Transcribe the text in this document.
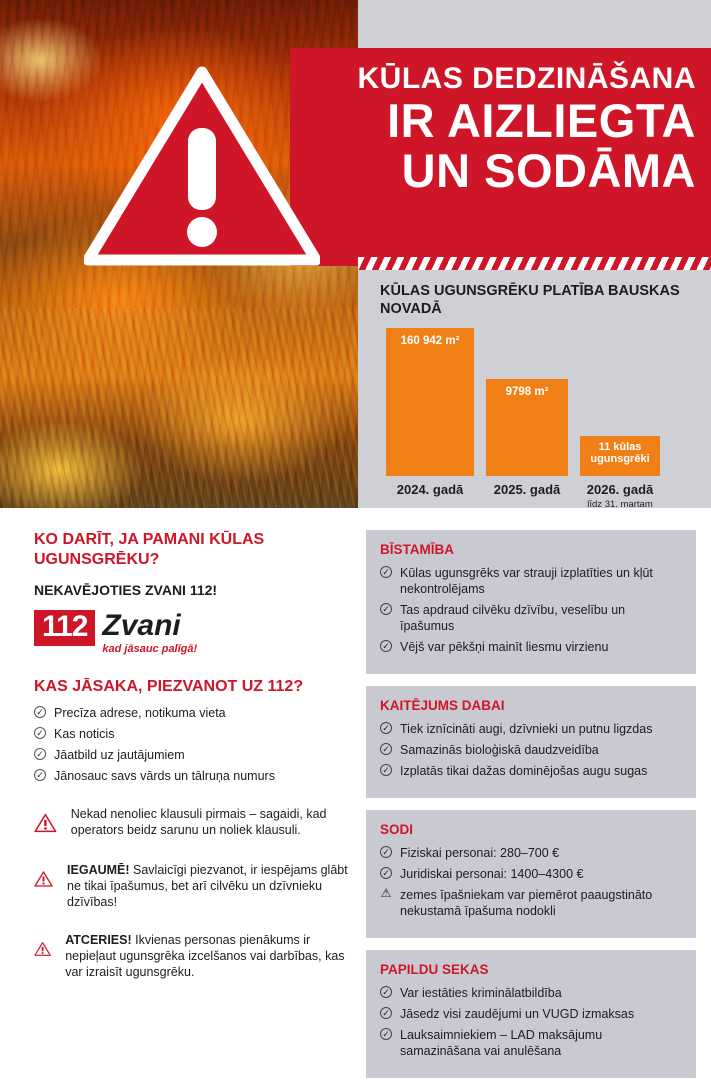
KŪLAS DEDZINĀŠANA
IR AIZLIEGTA
UN SODĀMA
KŪLAS UGUNSGRĒKU PLATĪBA BAUSKAS NOVADĀ
160 942 m²
9798 m²
11 kūlas ugunsgrēki
2024. gadā	2025. gadā	2026. gadā
līdz 31. martam
KO DARĪT, JA PAMANI KŪLAS UGUNSGRĒKU?
NEKAVĒJOTIES ZVANI 112!
112 Zvani
kad jāsauc palīgā!
KAS JĀSAKA, PIEZVANOT UZ 112?
✓ Precīza adrese, notikuma vieta
✓ Kas noticis
✓ Jāatbild uz jautājumiem
✓ Jānosauc savs vārds un tālruņa numurs
Nekad nenoliec klausuli pirmais – sagaidi, kad operators beidz sarunu un noliek klausuli.
IEGAUMĒ! Savlaicīgi piezvanot, ir iespējams glābt ne tikai īpašumus, bet arī cilvēku un dzīvnieku dzīvības!
ATCERIES! Ikvienas personas pienākums ir nepieļaut ugunsgrēka izcelšanos vai darbības, kas var izraisīt ugunsgrēku.
BĪSTAMĪBA
✓ Kūlas ugunsgrēks var strauji izplatīties un kļūt nekontrolējams
✓ Tas apdraud cilvēku dzīvību, veselību un īpašumus
✓ Vējš var pēkšņi mainīt liesmu virzienu
KAITĒJUMS DABAI
✓ Tiek iznīcināti augi, dzīvnieki un putnu ligzdas
✓ Samazinās bioloģiskā daudzveidība
✓ Izplatās tikai dažas dominējošas augu sugas
SODI
✓ Fiziskai personai: 280–700 €
✓ Juridiskai personai: 1400–4300 €
⚠ zemes īpašniekam var piemērot paaugstināto nekustamā īpašuma nodokli
PAPILDU SEKAS
✓ Var iestāties kriminālatbildība
✓ Jāsedz visi zaudējumi un VUGD izmaksas
✓ Lauksaimniekiem – LAD maksājumu samazināšana vai anulēšana
